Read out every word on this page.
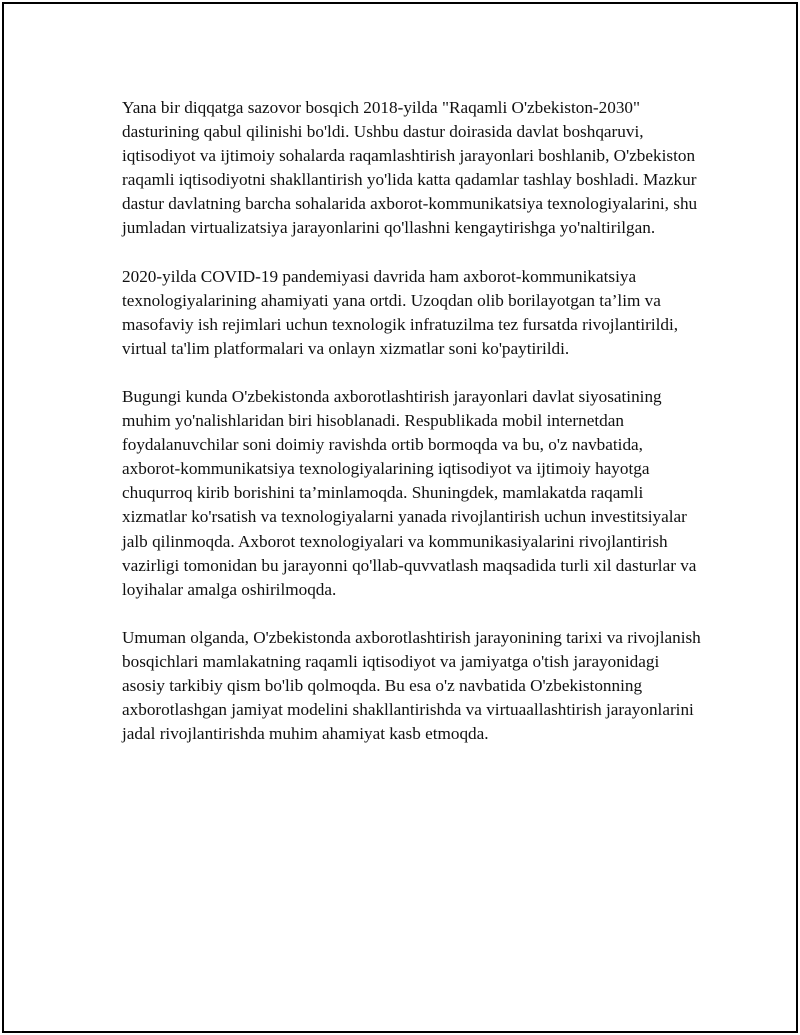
Yana bir diqqatga sazovor bosqich 2018-yilda "Raqamli O'zbekiston-2030" dasturining qabul qilinishi bo'ldi. Ushbu dastur doirasida davlat boshqaruvi, iqtisodiyot va ijtimoiy sohalarda raqamlashtirish jarayonlari boshlanib, O'zbekiston raqamli iqtisodiyotni shakllantirish yo'lida katta qadamlar tashlay boshladi. Mazkur dastur davlatning barcha sohalarida axborot-kommunikatsiya texnologiyalarini, shu jumladan virtualizatsiya jarayonlarini qo'llashni kengaytirishga yo'naltirilgan.

2020-yilda COVID-19 pandemiyasi davrida ham axborot-kommunikatsiya texnologiyalarining ahamiyati yana ortdi. Uzoqdan olib borilayotgan ta’lim va masofaviy ish rejimlari uchun texnologik infratuzilma tez fursatda rivojlantirildi, virtual ta'lim platformalari va onlayn xizmatlar soni ko'paytirildi.

Bugungi kunda O'zbekistonda axborotlashtirish jarayonlari davlat siyosatining muhim yo'nalishlaridan biri hisoblanadi. Respublikada mobil internetdan foydalanuvchilar soni doimiy ravishda ortib bormoqda va bu, o'z navbatida, axborot-kommunikatsiya texnologiyalarining iqtisodiyot va ijtimoiy hayotga chuqurroq kirib borishini ta’minlamoqda. Shuningdek, mamlakatda raqamli xizmatlar ko'rsatish va texnologiyalarni yanada rivojlantirish uchun investitsiyalar jalb qilinmoqda. Axborot texnologiyalari va kommunikasiyalarini rivojlantirish vazirligi tomonidan bu jarayonni qo'llab-quvvatlash maqsadida turli xil dasturlar va loyihalar amalga oshirilmoqda.

Umuman olganda, O'zbekistonda axborotlashtirish jarayonining tarixi va rivojlanish bosqichlari mamlakatning raqamli iqtisodiyot va jamiyatga o'tish jarayonidagi asosiy tarkibiy qism bo'lib qolmoqda. Bu esa o'z navbatida O'zbekistonning axborotlashgan jamiyat modelini shakllantirishda va virtuaallashtirish jarayonlarini jadal rivojlantirishda muhim ahamiyat kasb etmoqda.
